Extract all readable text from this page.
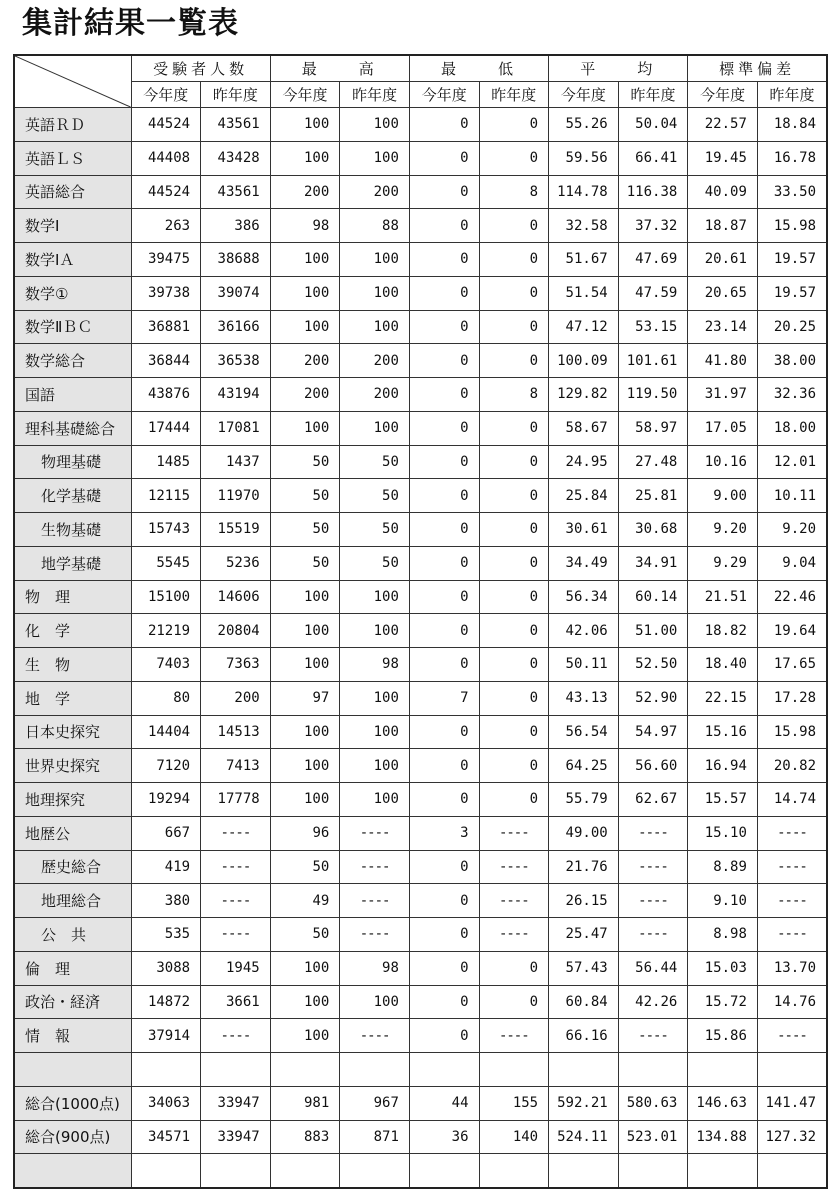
集計結果一覧表
	受験者人数		最　　高		最　　低		平　　均		標準偏差	
	今年度	昨年度	今年度	昨年度	今年度	昨年度	今年度	昨年度	今年度	昨年度
英語ＲＤ	44524	43561	100	100	0	0	55.26	50.04	22.57	18.84
英語ＬＳ	44408	43428	100	100	0	0	59.56	66.41	19.45	16.78
英語総合	44524	43561	200	200	0	8	114.78	116.38	40.09	33.50
数学Ⅰ	263	386	98	88	0	0	32.58	37.32	18.87	15.98
数学ⅠＡ	39475	38688	100	100	0	0	51.67	47.69	20.61	19.57
数学①	39738	39074	100	100	0	0	51.54	47.59	20.65	19.57
数学ⅡＢＣ	36881	36166	100	100	0	0	47.12	53.15	23.14	20.25
数学総合	36844	36538	200	200	0	0	100.09	101.61	41.80	38.00
国語	43876	43194	200	200	0	8	129.82	119.50	31.97	32.36
理科基礎総合	17444	17081	100	100	0	0	58.67	58.97	17.05	18.00
物理基礎	1485	1437	50	50	0	0	24.95	27.48	10.16	12.01
化学基礎	12115	11970	50	50	0	0	25.84	25.81	9.00	10.11
生物基礎	15743	15519	50	50	0	0	30.61	30.68	9.20	9.20
地学基礎	5545	5236	50	50	0	0	34.49	34.91	9.29	9.04
物　理	15100	14606	100	100	0	0	56.34	60.14	21.51	22.46
化　学	21219	20804	100	100	0	0	42.06	51.00	18.82	19.64
生　物	7403	7363	100	98	0	0	50.11	52.50	18.40	17.65
地　学	80	200	97	100	7	0	43.13	52.90	22.15	17.28
日本史探究	14404	14513	100	100	0	0	56.54	54.97	15.16	15.98
世界史探究	7120	7413	100	100	0	0	64.25	56.60	16.94	20.82
地理探究	19294	17778	100	100	0	0	55.79	62.67	15.57	14.74
地歴公	667	----	96	----	3	----	49.00	----	15.10	----
歴史総合	419	----	50	----	0	----	21.76	----	8.89	----
地理総合	380	----	49	----	0	----	26.15	----	9.10	----
公　共	535	----	50	----	0	----	25.47	----	8.98	----
倫　理	3088	1945	100	98	0	0	57.43	56.44	15.03	13.70
政治・経済	14872	3661	100	100	0	0	60.84	42.26	15.72	14.76
情　報	37914	----	100	----	0	----	66.16	----	15.86	----

総合(1000点)	34063	33947	981	967	44	155	592.21	580.63	146.63	141.47
総合(900点)	34571	33947	883	871	36	140	524.11	523.01	134.88	127.32
